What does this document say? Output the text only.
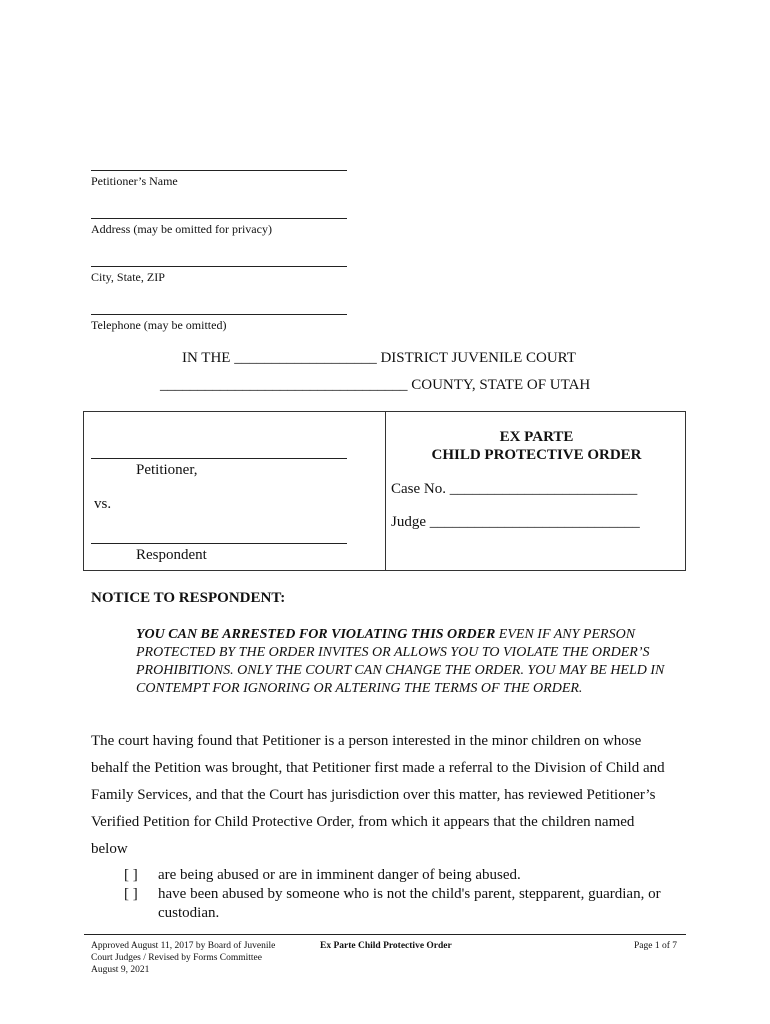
Petitioner’s Name
Address (may be omitted for privacy)
City, State, ZIP
Telephone (may be omitted)
IN THE ___________________ DISTRICT JUVENILE COURT
_________________________________ COUNTY, STATE OF UTAH
Petitioner,
vs.
Respondent
EX PARTE
CHILD PROTECTIVE ORDER
Case No. _________________________
Judge ____________________________
NOTICE TO RESPONDENT:
YOU CAN BE ARRESTED FOR VIOLATING THIS ORDER EVEN IF ANY PERSON PROTECTED BY THE ORDER INVITES OR ALLOWS YOU TO VIOLATE THE ORDER’S PROHIBITIONS. ONLY THE COURT CAN CHANGE THE ORDER. YOU MAY BE HELD IN CONTEMPT FOR IGNORING OR ALTERING THE TERMS OF THE ORDER.
The court having found that Petitioner is a person interested in the minor children on whose
behalf the Petition was brought, that Petitioner first made a referral to the Division of Child and
Family Services, and that the Court has jurisdiction over this matter, has reviewed Petitioner’s
Verified Petition for Child Protective Order, from which it appears that the children named
below
[ ] are being abused or are in imminent danger of being abused.
[ ] have been abused by someone who is not the child's parent, stepparent, guardian, or custodian.
Approved August 11, 2017 by Board of Juvenile
Court Judges / Revised by Forms Committee
August 9, 2021
Ex Parte Child Protective Order	Page 1 of 7
